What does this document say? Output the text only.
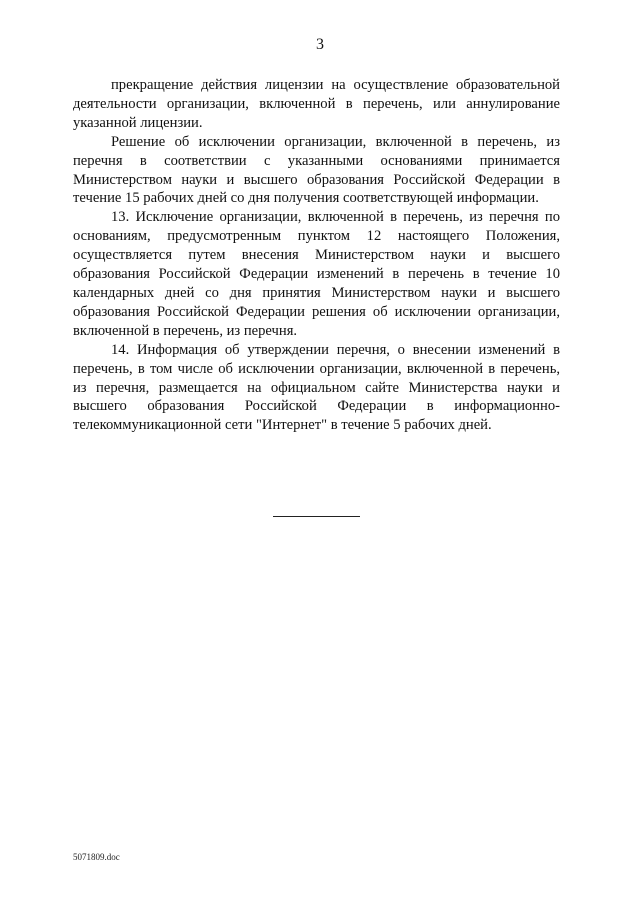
3

прекращение действия лицензии на осуществление образовательной деятельности организации, включенной в перечень, или аннулирование указанной лицензии.

Решение об исключении организации, включенной в перечень, из перечня в соответствии с указанными основаниями принимается Министерством науки и высшего образования Российской Федерации в течение 15 рабочих дней со дня получения соответствующей информации.

13. Исключение организации, включенной в перечень, из перечня по основаниям, предусмотренным пунктом 12 настоящего Положения, осуществляется путем внесения Министерством науки и высшего образования Российской Федерации изменений в перечень в течение 10 календарных дней со дня принятия Министерством науки и высшего образования Российской Федерации решения об исключении организации, включенной в перечень, из перечня.

14. Информация об утверждении перечня, о внесении изменений в перечень, в том числе об исключении организации, включенной в перечень, из перечня, размещается на официальном сайте Министерства науки и высшего образования Российской Федерации в информационно-телекоммуникационной сети "Интернет" в течение 5 рабочих дней.

5071809.doc
